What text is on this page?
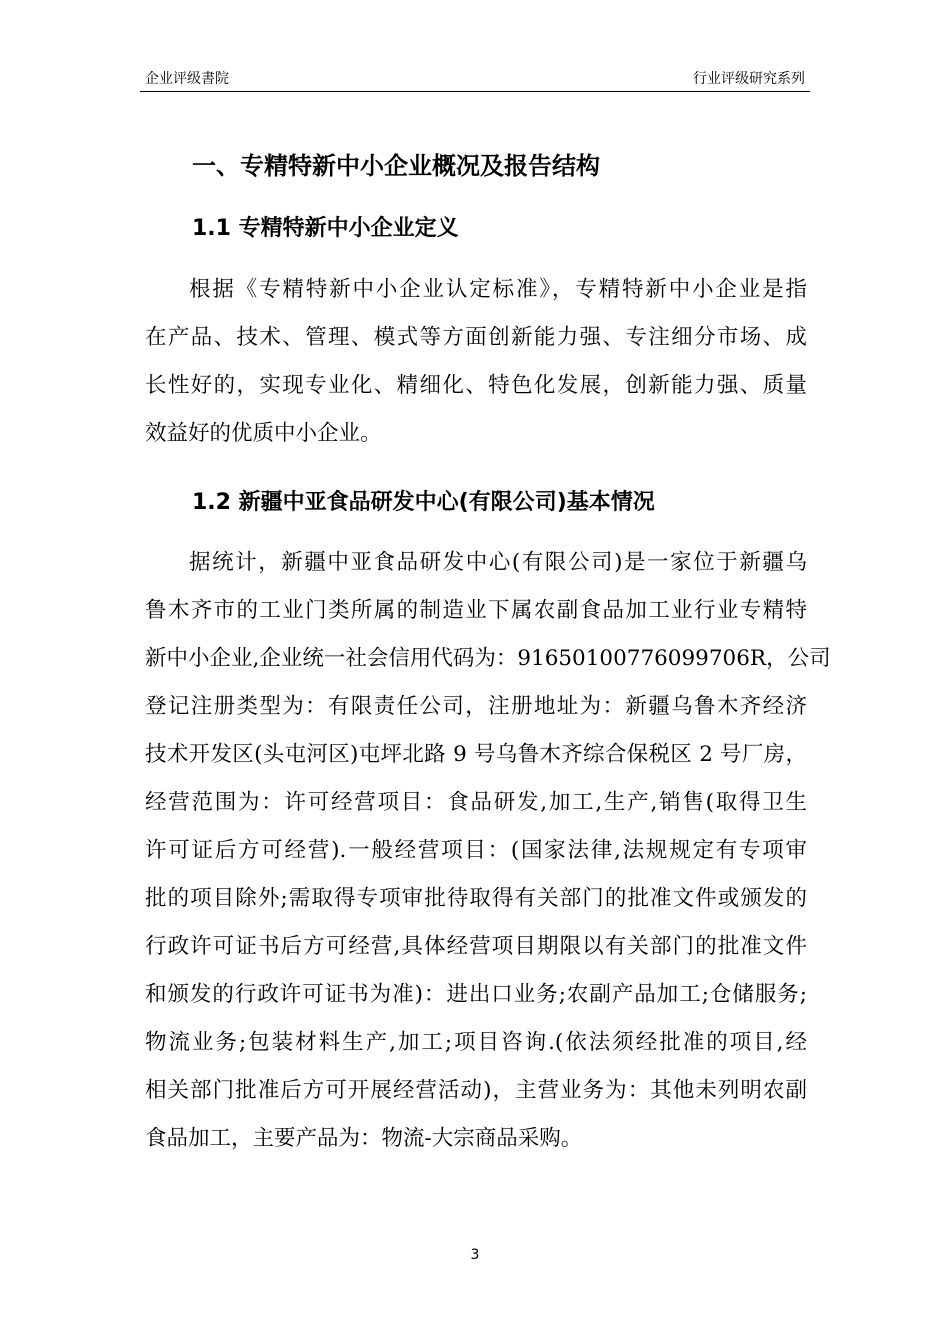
企业评级書院	行业评级研究系列
一、专精特新中小企业概况及报告结构
1.1 专精特新中小企业定义
根据《专精特新中小企业认定标准》，专精特新中小企业是指
在产品、技术、管理、模式等方面创新能力强、专注细分市场、成
长性好的，实现专业化、精细化、特色化发展，创新能力强、质量
效益好的优质中小企业。
1.2 新疆中亚食品研发中心(有限公司)基本情况
据统计，新疆中亚食品研发中心(有限公司)是一家位于新疆乌
鲁木齐市的工业门类所属的制造业下属农副食品加工业行业专精特
新中小企业,企业统一社会信用代码为：91650100776099706R，公司
登记注册类型为：有限责任公司，注册地址为：新疆乌鲁木齐经济
技术开发区(头屯河区)屯坪北路 9 号乌鲁木齐综合保税区 2 号厂房，
经营范围为：许可经营项目：食品研发,加工,生产,销售(取得卫生
许可证后方可经营).一般经营项目：(国家法律,法规规定有专项审
批的项目除外;需取得专项审批待取得有关部门的批准文件或颁发的
行政许可证书后方可经营,具体经营项目期限以有关部门的批准文件
和颁发的行政许可证书为准)：进出口业务;农副产品加工;仓储服务;
物流业务;包装材料生产,加工;项目咨询.(依法须经批准的项目,经
相关部门批准后方可开展经营活动)，主营业务为：其他未列明农副
食品加工，主要产品为：物流-大宗商品采购。
3
